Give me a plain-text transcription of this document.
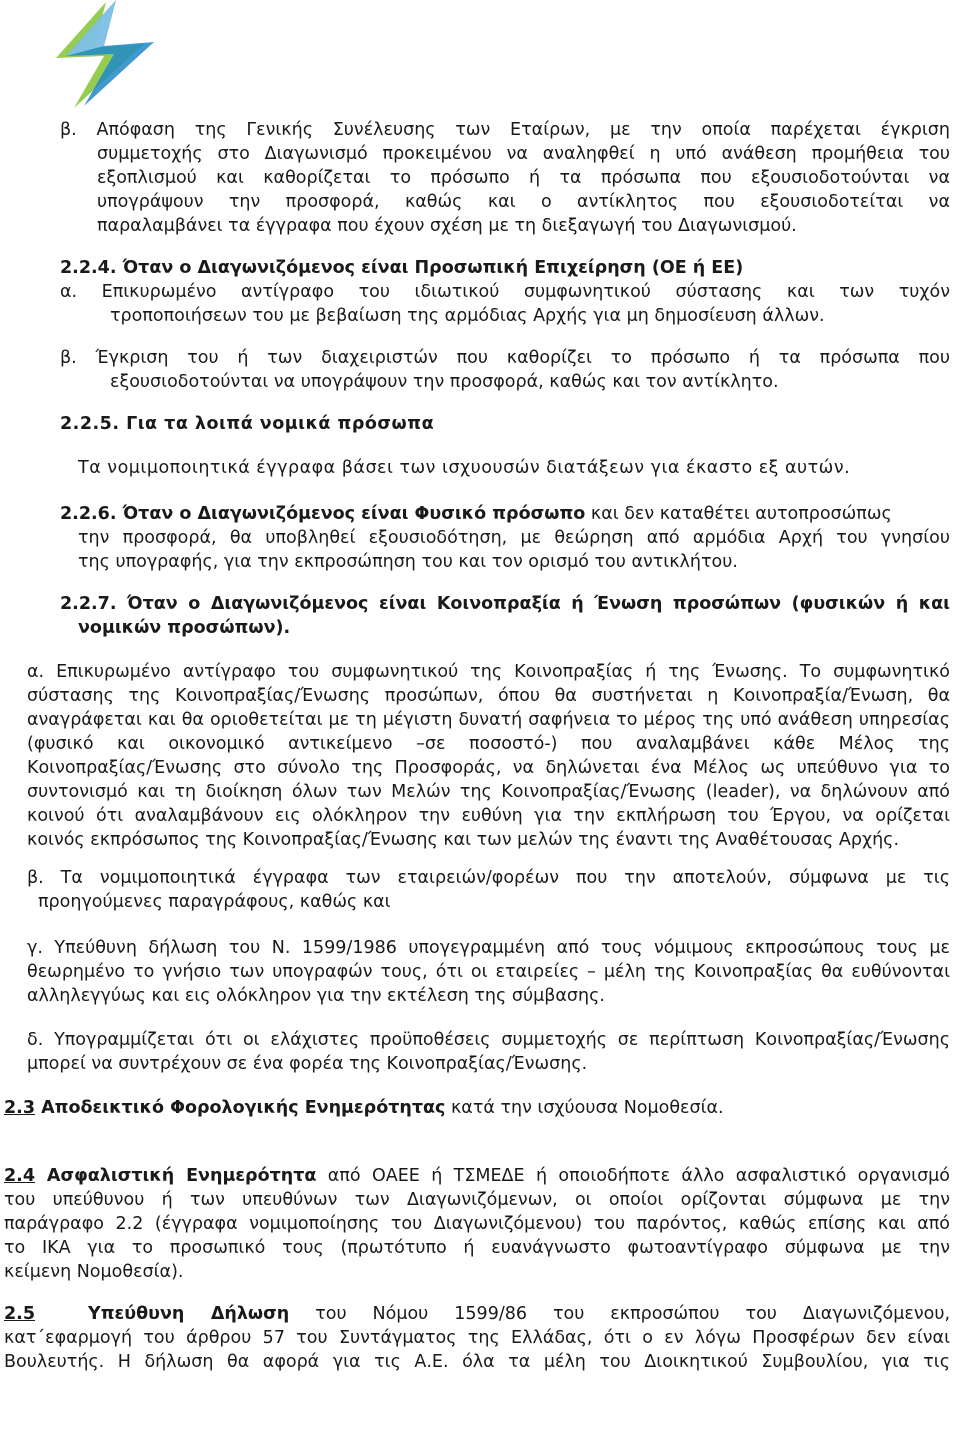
β. Απόφαση της Γενικής Συνέλευσης των Εταίρων, με την οποία παρέχεται έγκριση
συμμετοχής στο Διαγωνισμό προκειμένου να αναληφθεί η υπό ανάθεση προμήθεια του
εξοπλισμού και καθορίζεται το πρόσωπο ή τα πρόσωπα που εξουσιοδοτούνται να
υπογράψουν την προσφορά, καθώς και ο αντίκλητος που εξουσιοδοτείται να
παραλαμβάνει τα έγγραφα που έχουν σχέση με τη διεξαγωγή του Διαγωνισμού.
2.2.4. Όταν ο Διαγωνιζόμενος είναι Προσωπική Επιχείρηση (ΟΕ ή ΕΕ)
α. Επικυρωμένο αντίγραφο του ιδιωτικού συμφωνητικού σύστασης και των τυχόν
τροποποιήσεων του με βεβαίωση της αρμόδιας Αρχής για μη δημοσίευση άλλων.
β. Έγκριση του ή των διαχειριστών που καθορίζει το πρόσωπο ή τα πρόσωπα που
εξουσιοδοτούνται να υπογράψουν την προσφορά, καθώς και τον αντίκλητο.
2.2.5. Για τα λοιπά νομικά πρόσωπα
Τα νομιμοποιητικά έγγραφα βάσει των ισχυουσών διατάξεων για έκαστο εξ αυτών.
2.2.6. Όταν ο Διαγωνιζόμενος είναι Φυσικό πρόσωπο και δεν καταθέτει αυτοπροσώπως
την προσφορά, θα υποβληθεί εξουσιοδότηση, με θεώρηση από αρμόδια Αρχή του γνησίου
της υπογραφής, για την εκπροσώπηση του και τον ορισμό του αντικλήτου.
2.2.7. Όταν ο Διαγωνιζόμενος είναι Κοινοπραξία ή Ένωση προσώπων (φυσικών ή και
νομικών προσώπων).
α. Επικυρωμένο αντίγραφο του συμφωνητικού της Κοινοπραξίας ή της Ένωσης. Το συμφωνητικό
σύστασης της Κοινοπραξίας/Ένωσης προσώπων, όπου θα συστήνεται η Κοινοπραξία/Ένωση, θα
αναγράφεται και θα οριοθετείται με τη μέγιστη δυνατή σαφήνεια το μέρος της υπό ανάθεση υπηρεσίας
(φυσικό και οικονομικό αντικείμενο –σε ποσοστό-) που αναλαμβάνει κάθε Μέλος της
Κοινοπραξίας/Ένωσης στο σύνολο της Προσφοράς, να δηλώνεται ένα Μέλος ως υπεύθυνο για το
συντονισμό και τη διοίκηση όλων των Μελών της Κοινοπραξίας/Ένωσης (leader), να δηλώνουν από
κοινού ότι αναλαμβάνουν εις ολόκληρον την ευθύνη για την εκπλήρωση του Έργου, να ορίζεται
κοινός εκπρόσωπος της Κοινοπραξίας/Ένωσης και των μελών της έναντι της Αναθέτουσας Αρχής.
β. Τα νομιμοποιητικά έγγραφα των εταιρειών/φορέων που την αποτελούν, σύμφωνα με τις
προηγούμενες παραγράφους, καθώς και
γ. Υπεύθυνη δήλωση του Ν. 1599/1986 υπογεγραμμένη από τους νόμιμους εκπροσώπους τους με
θεωρημένο το γνήσιο των υπογραφών τους, ότι οι εταιρείες – μέλη της Κοινοπραξίας θα ευθύνονται
αλληλεγγύως και εις ολόκληρον για την εκτέλεση της σύμβασης.
δ. Υπογραμμίζεται ότι οι ελάχιστες προϋποθέσεις συμμετοχής σε περίπτωση Κοινοπραξίας/Ένωσης
μπορεί να συντρέχουν σε ένα φορέα της Κοινοπραξίας/Ένωσης.
2.3 Αποδεικτικό Φορολογικής Ενημερότητας κατά την ισχύουσα Νομοθεσία.
2.4 Ασφαλιστική Ενημερότητα από ΟΑΕΕ ή ΤΣΜΕΔΕ ή οποιοδήποτε άλλο ασφαλιστικό οργανισμό
του υπεύθυνου ή των υπευθύνων των Διαγωνιζόμενων, οι οποίοι ορίζονται σύμφωνα με την
παράγραφο 2.2 (έγγραφα νομιμοποίησης του Διαγωνιζόμενου) του παρόντος, καθώς επίσης και από
το ΙΚΑ για το προσωπικό τους (πρωτότυπο ή ευανάγνωστο φωτοαντίγραφο σύμφωνα με την
κείμενη Νομοθεσία).
2.5  Υπεύθυνη Δήλωση του Νόμου 1599/86 του εκπροσώπου του Διαγωνιζόμενου,
κατ΄εφαρμογή του άρθρου 57 του Συντάγματος της Ελλάδας, ότι ο εν λόγω Προσφέρων δεν είναι
Βουλευτής. Η δήλωση θα αφορά για τις Α.Ε. όλα τα μέλη του Διοικητικού Συμβουλίου, για τις
